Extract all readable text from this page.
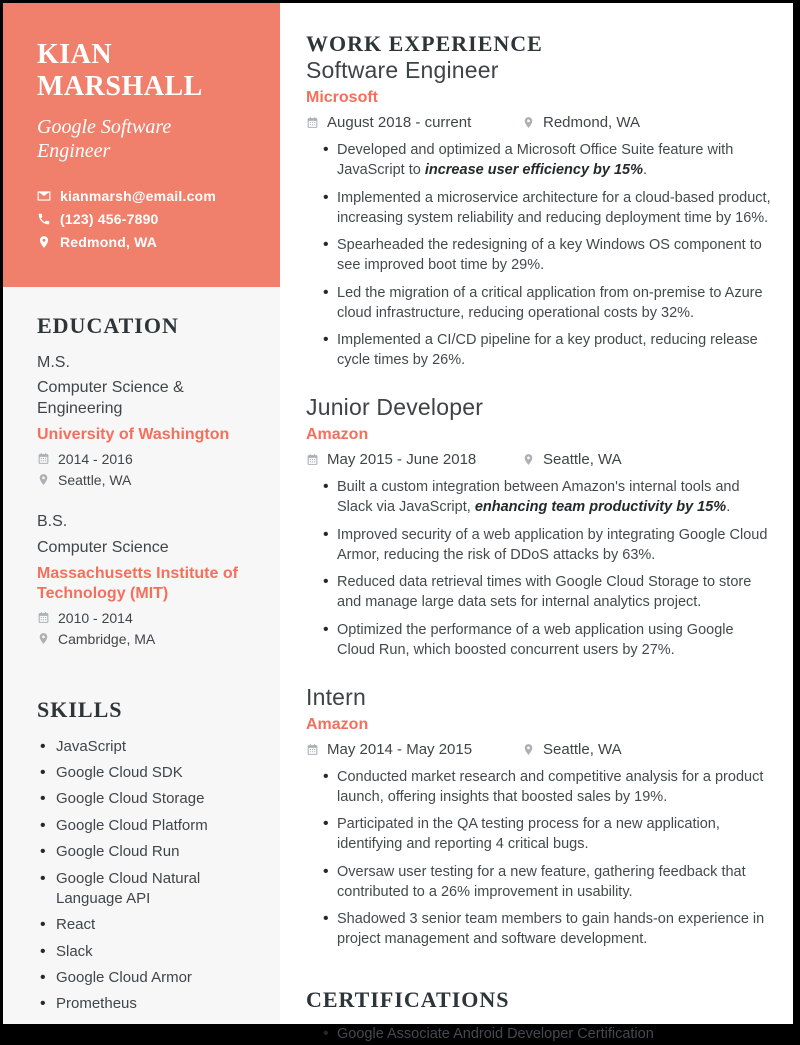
KIAN MARSHALL

Google Software Engineer

kianmarsh@email.com
(123) 456-7890
Redmond, WA
EDUCATION
M.S.
Computer Science & Engineering
University of Washington
2014 - 2016
Seattle, WA
B.S.
Computer Science
Massachusetts Institute of Technology (MIT)
2010 - 2014
Cambridge, MA
SKILLS
• JavaScript
• Google Cloud SDK
• Google Cloud Storage
• Google Cloud Platform
• Google Cloud Run
• Google Cloud Natural Language API
• React
• Slack
• Google Cloud Armor
• Prometheus
WORK EXPERIENCE
Software Engineer
Microsoft
August 2018 - current	Redmond, WA
• Developed and optimized a Microsoft Office Suite feature with JavaScript to increase user efficiency by 15%.
• Implemented a microservice architecture for a cloud-based product, increasing system reliability and reducing deployment time by 16%.
• Spearheaded the redesigning of a key Windows OS component to see improved boot time by 29%.
• Led the migration of a critical application from on-premise to Azure cloud infrastructure, reducing operational costs by 32%.
• Implemented a CI/CD pipeline for a key product, reducing release cycle times by 26%.
Junior Developer
Amazon
May 2015 - June 2018	Seattle, WA
• Built a custom integration between Amazon's internal tools and Slack via JavaScript, enhancing team productivity by 15%.
• Improved security of a web application by integrating Google Cloud Armor, reducing the risk of DDoS attacks by 63%.
• Reduced data retrieval times with Google Cloud Storage to store and manage large data sets for internal analytics project.
• Optimized the performance of a web application using Google Cloud Run, which boosted concurrent users by 27%.
Intern
Amazon
May 2014 - May 2015	Seattle, WA
• Conducted market research and competitive analysis for a product launch, offering insights that boosted sales by 19%.
• Participated in the QA testing process for a new application, identifying and reporting 4 critical bugs.
• Oversaw user testing for a new feature, gathering feedback that contributed to a 26% improvement in usability.
• Shadowed 3 senior team members to gain hands-on experience in project management and software development.
CERTIFICATIONS
• Google Associate Android Developer Certification
